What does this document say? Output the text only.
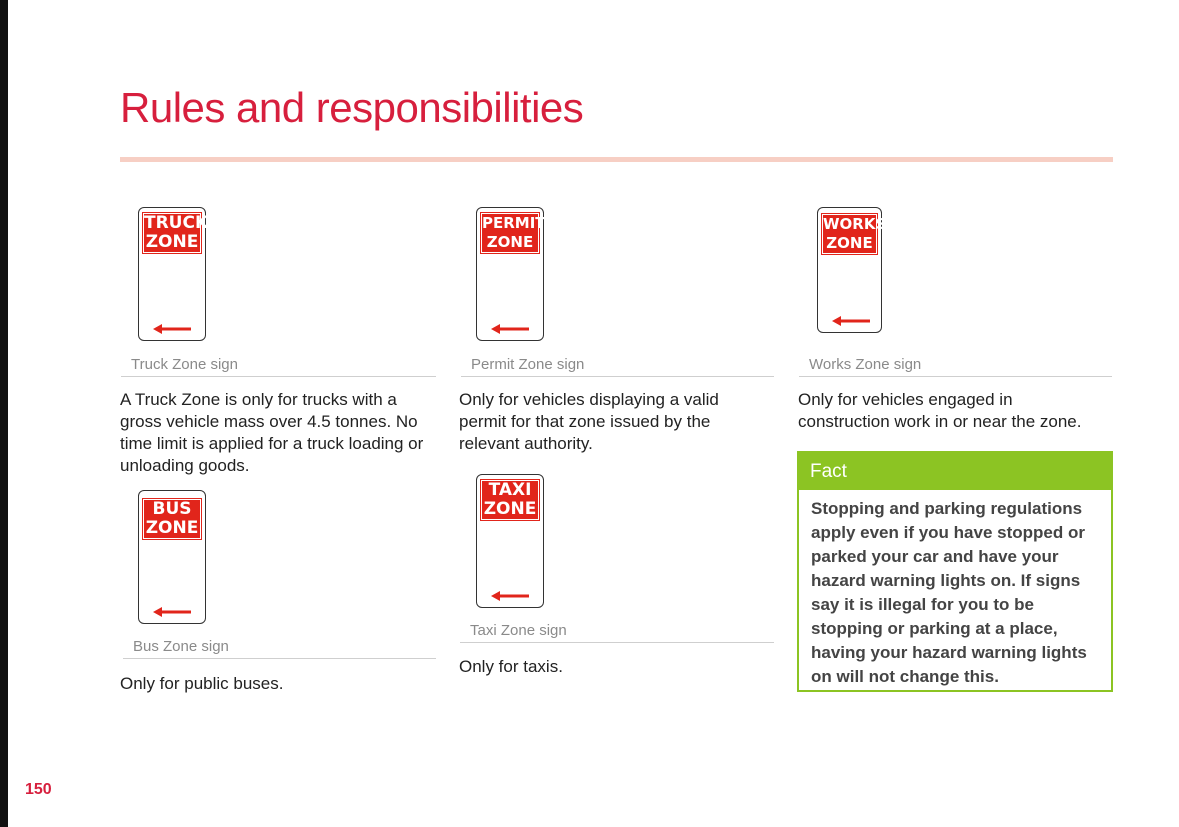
Rules and responsibilities
TRUCK
ZONE
Truck Zone sign
A Truck Zone is only for trucks with a gross vehicle mass over 4.5 tonnes. No time limit is applied for a truck loading or unloading goods.
PERMIT
ZONE
Permit Zone sign
Only for vehicles displaying a valid permit for that zone issued by the relevant authority.
WORKS
ZONE
Works Zone sign
Only for vehicles engaged in construction work in or near the zone.
BUS
ZONE
Bus Zone sign
Only for public buses.
TAXI
ZONE
Taxi Zone sign
Only for taxis.
Fact
Stopping and parking regulations apply even if you have stopped or parked your car and have your hazard warning lights on. If signs say it is illegal for you to be stopping or parking at a place, having your hazard warning lights on will not change this.
150
